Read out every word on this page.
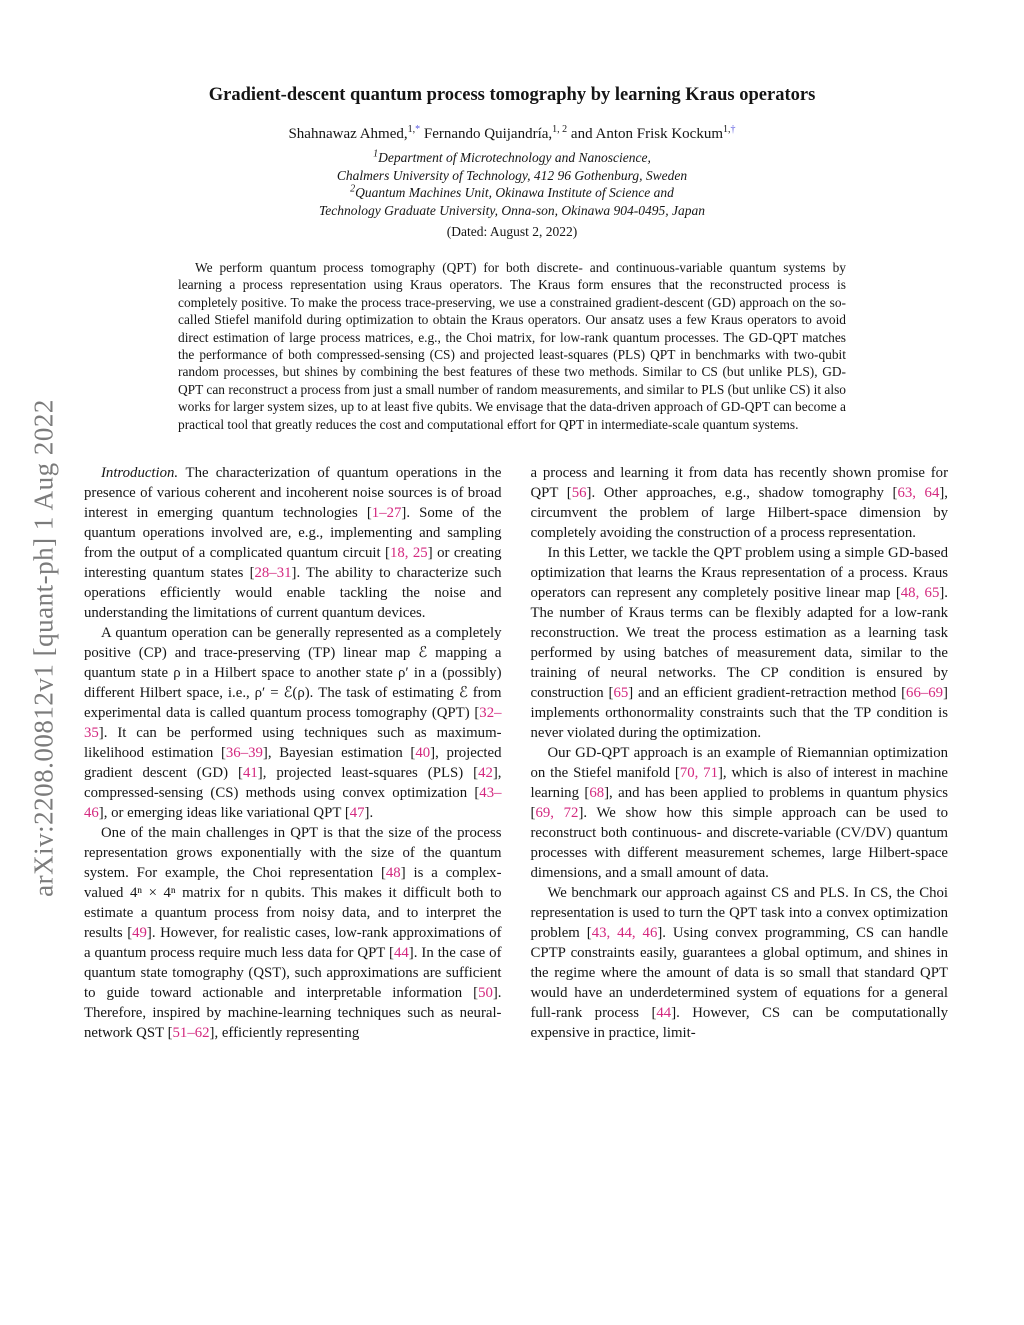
arXiv:2208.00812v1 [quant-ph] 1 Aug 2022
Gradient-descent quantum process tomography by learning Kraus operators
Shahnawaz Ahmed,$^{1,*}$ Fernando Quijandría,$^{1, 2}$ and Anton Frisk Kockum$^{1,\dagger}$
$^1$Department of Microtechnology and Nanoscience,
Chalmers University of Technology, 412 96 Gothenburg, Sweden
$^2$Quantum Machines Unit, Okinawa Institute of Science and
Technology Graduate University, Onna-son, Okinawa 904-0495, Japan
(Dated: August 2, 2022)

We perform quantum process tomography (QPT) for both discrete- and continuous-variable quantum systems by learning a process representation using Kraus operators. The Kraus form ensures that the reconstructed process is completely positive. To make the process trace-preserving, we use a constrained gradient-descent (GD) approach on the so-called Stiefel manifold during optimization to obtain the Kraus operators. Our ansatz uses a few Kraus operators to avoid direct estimation of large process matrices, e.g., the Choi matrix, for low-rank quantum processes. The GD-QPT matches the performance of both compressed-sensing (CS) and projected least-squares (PLS) QPT in benchmarks with two-qubit random processes, but shines by combining the best features of these two methods. Similar to CS (but unlike PLS), GD-QPT can reconstruct a process from just a small number of random measurements, and similar to PLS (but unlike CS) it also works for larger system sizes, up to at least five qubits. We envisage that the data-driven approach of GD-QPT can become a practical tool that greatly reduces the cost and computational effort for QPT in intermediate-scale quantum systems.

Introduction. The characterization of quantum operations in the presence of various coherent and incoherent noise sources is of broad interest in emerging quantum technologies [1–27]. Some of the quantum operations involved are, e.g., implementing and sampling from the output of a complicated quantum circuit [18, 25] or creating interesting quantum states [28–31]. The ability to characterize such operations efficiently would enable tackling the noise and understanding the limitations of current quantum devices.

A quantum operation can be generally represented as a completely positive (CP) and trace-preserving (TP) linear map ℰ mapping a quantum state ρ in a Hilbert space to another state ρ′ in a (possibly) different Hilbert space, i.e., ρ′ = ℰ(ρ). The task of estimating ℰ from experimental data is called quantum process tomography (QPT) [32–35]. It can be performed using techniques such as maximum-likelihood estimation [36–39], Bayesian estimation [40], projected gradient descent (GD) [41], projected least-squares (PLS) [42], compressed-sensing (CS) methods using convex optimization [43–46], or emerging ideas like variational QPT [47].

One of the main challenges in QPT is that the size of the process representation grows exponentially with the size of the quantum system. For example, the Choi representation [48] is a complex-valued 4ⁿ × 4ⁿ matrix for n qubits. This makes it difficult both to estimate a quantum process from noisy data, and to interpret the results [49]. However, for realistic cases, low-rank approximations of a quantum process require much less data for QPT [44]. In the case of quantum state tomography (QST), such approximations are sufficient to guide toward actionable and interpretable information [50]. Therefore, inspired by machine-learning techniques such as neural-network QST [51–62], efficiently representing

a process and learning it from data has recently shown promise for QPT [56]. Other approaches, e.g., shadow tomography [63, 64], circumvent the problem of large Hilbert-space dimension by completely avoiding the construction of a process representation.

In this Letter, we tackle the QPT problem using a simple GD-based optimization that learns the Kraus representation of a process. Kraus operators can represent any completely positive linear map [48, 65]. The number of Kraus terms can be flexibly adapted for a low-rank reconstruction. We treat the process estimation as a learning task performed by using batches of measurement data, similar to the training of neural networks. The CP condition is ensured by construction [65] and an efficient gradient-retraction method [66–69] implements orthonormality constraints such that the TP condition is never violated during the optimization.

Our GD-QPT approach is an example of Riemannian optimization on the Stiefel manifold [70, 71], which is also of interest in machine learning [68], and has been applied to problems in quantum physics [69, 72]. We show how this simple approach can be used to reconstruct both continuous- and discrete-variable (CV/DV) quantum processes with different measurement schemes, large Hilbert-space dimensions, and a small amount of data.

We benchmark our approach against CS and PLS. In CS, the Choi representation is used to turn the QPT task into a convex optimization problem [43, 44, 46]. Using convex programming, CS can handle CPTP constraints easily, guarantees a global optimum, and shines in the regime where the amount of data is so small that standard QPT would have an underdetermined system of equations for a general full-rank process [44]. However, CS can be computationally expensive in practice, limit-
